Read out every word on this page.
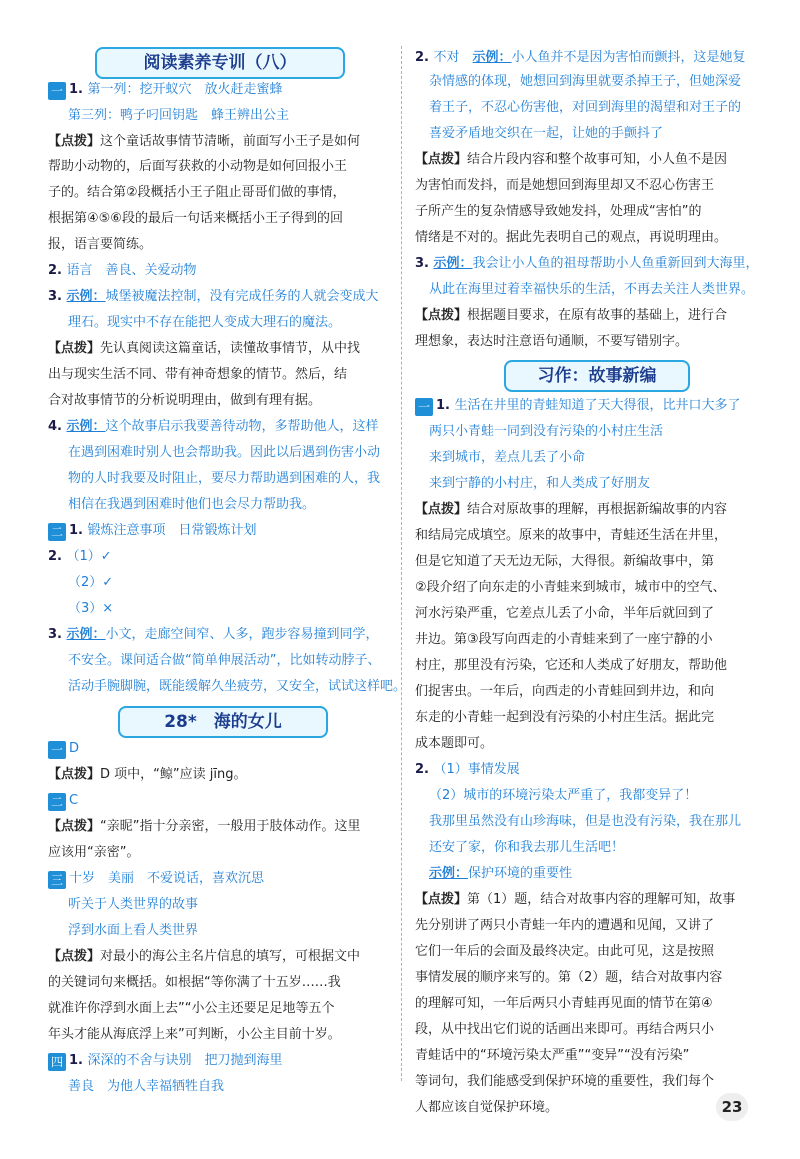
阅读素养专训（八）
28*　海的女儿
习作：故事新编
一 1. 第一列：挖开蚁穴　放火赶走蜜蜂
第三列：鸭子叼回钥匙　蜂王辨出公主
【点拨】这个童话故事情节清晰，前面写小王子是如何
帮助小动物的，后面写获救的小动物是如何回报小王
子的。结合第②段概括小王子阻止哥哥们做的事情，
根据第④⑤⑥段的最后一句话来概括小王子得到的回
报，语言要简练。
2. 语言　善良、关爱动物
3. 示例：城堡被魔法控制，没有完成任务的人就会变成大
理石。现实中不存在能把人变成大理石的魔法。
【点拨】先认真阅读这篇童话，读懂故事情节，从中找
出与现实生活不同、带有神奇想象的情节。然后，结
合对故事情节的分析说明理由，做到有理有据。
4. 示例：这个故事启示我要善待动物，多帮助他人，这样
在遇到困难时别人也会帮助我。因此以后遇到伤害小动
物的人时我要及时阻止，要尽力帮助遇到困难的人，我
相信在我遇到困难时他们也会尽力帮助我。
二 1. 锻炼注意事项　日常锻炼计划
2. （1）✓
（2）✓
（3）×
3. 示例：小文，走廊空间窄、人多，跑步容易撞到同学，
不安全。课间适合做“简单伸展活动”，比如转动脖子、
活动手腕脚腕，既能缓解久坐疲劳，又安全，试试这样吧。
一 D
【点拨】D 项中，“鲸”应读 jīng。
二 C
【点拨】“亲昵”指十分亲密，一般用于肢体动作。这里
应该用“亲密”。
三 十岁　美丽　不爱说话，喜欢沉思
听关于人类世界的故事
浮到水面上看人类世界
【点拨】对最小的海公主名片信息的填写，可根据文中
的关键词句来概括。如根据“等你满了十五岁……我
就准许你浮到水面上去”“小公主还要足足地等五个
年头才能从海底浮上来”可判断，小公主目前十岁。
四 1. 深深的不舍与诀别　把刀抛到海里
善良　为他人幸福牺牲自我
2. 不对　示例：小人鱼并不是因为害怕而颤抖，这是她复
杂情感的体现，她想回到海里就要杀掉王子，但她深爱
着王子，不忍心伤害他，对回到海里的渴望和对王子的
喜爱矛盾地交织在一起，让她的手颤抖了
【点拨】结合片段内容和整个故事可知，小人鱼不是因
为害怕而发抖，而是她想回到海里却又不忍心伤害王
子所产生的复杂情感导致她发抖，处理成“害怕”的
情绪是不对的。据此先表明自己的观点，再说明理由。
3. 示例：我会让小人鱼的祖母帮助小人鱼重新回到大海里，
从此在海里过着幸福快乐的生活，不再去关注人类世界。
【点拨】根据题目要求，在原有故事的基础上，进行合
理想象，表达时注意语句通顺，不要写错别字。
一 1. 生活在井里的青蛙知道了天大得很，比井口大多了
两只小青蛙一同到没有污染的小村庄生活
来到城市，差点儿丢了小命
来到宁静的小村庄，和人类成了好朋友
【点拨】结合对原故事的理解，再根据新编故事的内容
和结局完成填空。原来的故事中，青蛙还生活在井里，
但是它知道了天无边无际，大得很。新编故事中，第
②段介绍了向东走的小青蛙来到城市，城市中的空气、
河水污染严重，它差点儿丢了小命，半年后就回到了
井边。第③段写向西走的小青蛙来到了一座宁静的小
村庄，那里没有污染，它还和人类成了好朋友，帮助他
们捉害虫。一年后，向西走的小青蛙回到井边，和向
东走的小青蛙一起到没有污染的小村庄生活。据此完
成本题即可。
2. （1）事情发展
（2）城市的环境污染太严重了，我都变异了！
我那里虽然没有山珍海味，但是也没有污染，我在那儿
还安了家，你和我去那儿生活吧！
示例：保护环境的重要性
【点拨】第（1）题，结合对故事内容的理解可知，故事
先分别讲了两只小青蛙一年内的遭遇和见闻，又讲了
它们一年后的会面及最终决定。由此可见，这是按照
事情发展的顺序来写的。第（2）题，结合对故事内容
的理解可知，一年后两只小青蛙再见面的情节在第④
段，从中找出它们说的话画出来即可。再结合两只小
青蛙话中的“环境污染太严重”“变异”“没有污染”
等词句，我们能感受到保护环境的重要性，我们每个
人都应该自觉保护环境。	23
